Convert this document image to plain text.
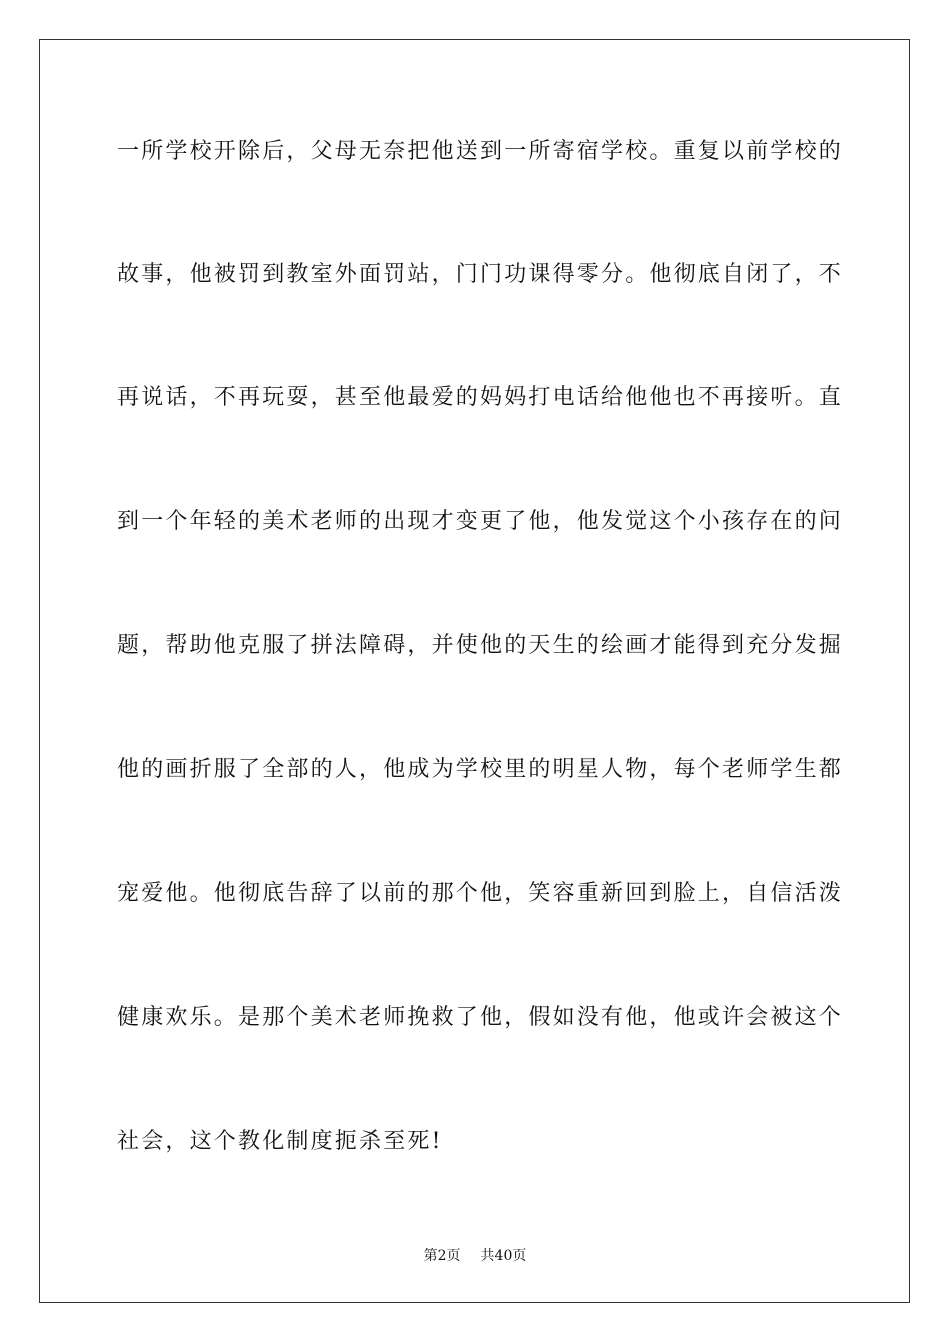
一所学校开除后，父母无奈把他送到一所寄宿学校。重复以前学校的
故事，他被罚到教室外面罚站，门门功课得零分。他彻底自闭了，不
再说话，不再玩耍，甚至他最爱的妈妈打电话给他他也不再接听。直
到一个年轻的美术老师的出现才变更了他，他发觉这个小孩存在的问
题，帮助他克服了拼法障碍，并使他的天生的绘画才能得到充分发掘
他的画折服了全部的人，他成为学校里的明星人物，每个老师学生都
宠爱他。他彻底告辞了以前的那个他，笑容重新回到脸上，自信活泼
健康欢乐。是那个美术老师挽救了他，假如没有他，他或许会被这个
社会，这个教化制度扼杀至死!
第2页 共40页
